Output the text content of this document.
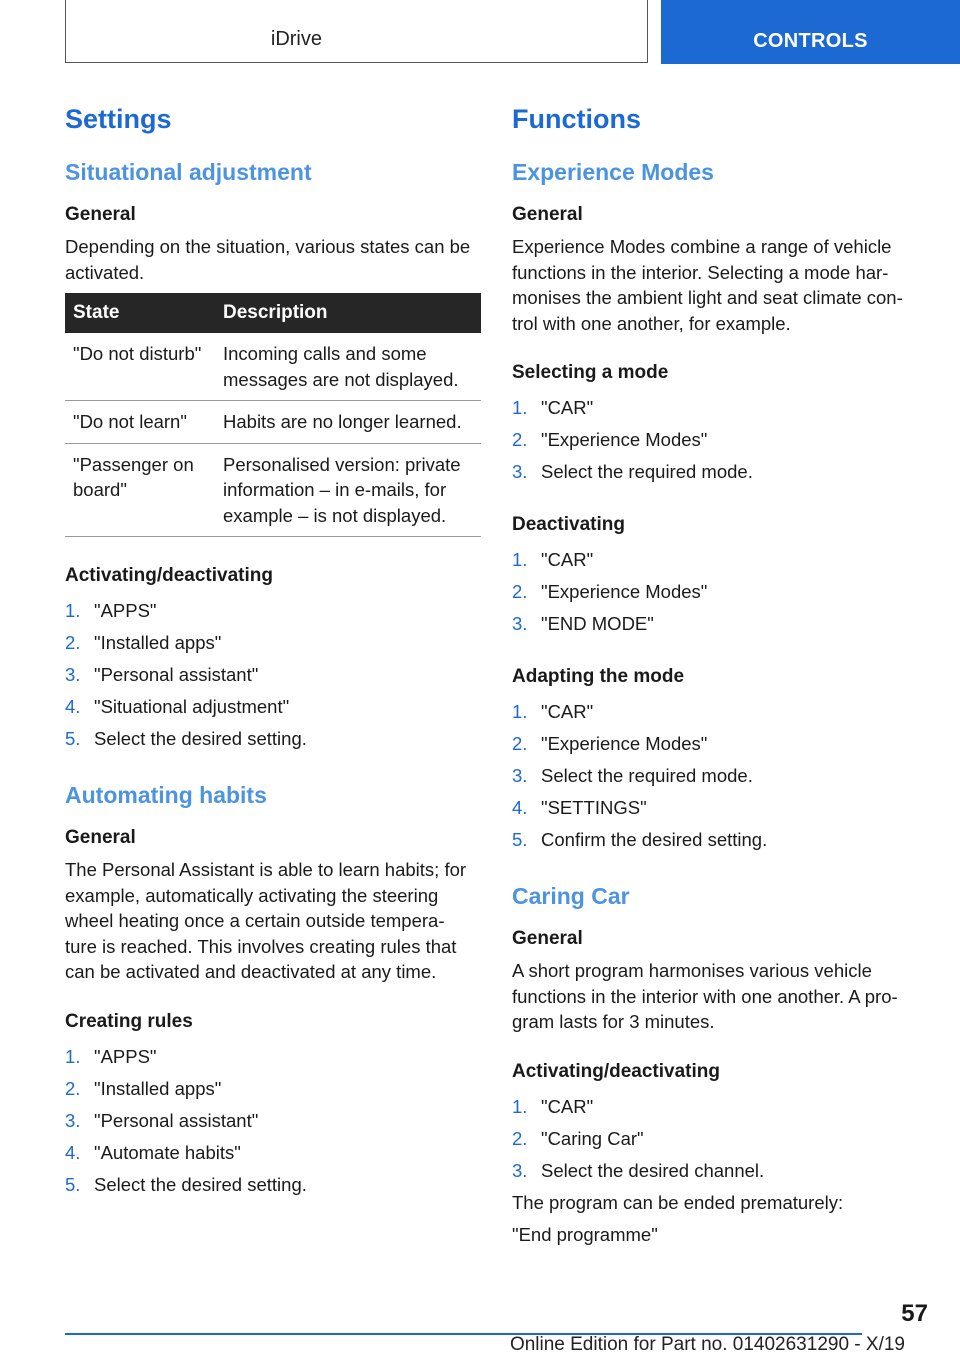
iDrive	CONTROLS
Settings
Situational adjustment
General

Depending on the situation, various states can be activated.

State	Description
"Do not disturb"	Incoming calls and some messages are not displayed.
"Do not learn"	Habits are no longer learned.
"Passenger on board"	Personalised version: private information – in e-mails, for example – is not displayed.
Activating/deactivating
1. "APPS"
2. "Installed apps"
3. "Personal assistant"
4. "Situational adjustment"
5. Select the desired setting.
Automating habits
General

The Personal Assistant is able to learn habits; for example, automatically activating the steering wheel heating once a certain outside tempera‐ ture is reached. This involves creating rules that can be activated and deactivated at any time.

Creating rules
1. "APPS"
2. "Installed apps"
3. "Personal assistant"
4. "Automate habits"
5. Select the desired setting.
Functions
Experience Modes
General

Experience Modes combine a range of vehicle functions in the interior. Selecting a mode har‐ monises the ambient light and seat climate con‐ trol with one another, for example.

Selecting a mode
1. "CAR"
2. "Experience Modes"
3. Select the required mode.
Deactivating
1. "CAR"
2. "Experience Modes"
3. "END MODE"
Adapting the mode
1. "CAR"
2. "Experience Modes"
3. Select the required mode.
4. "SETTINGS"
5. Confirm the desired setting.
Caring Car
General

A short program harmonises various vehicle functions in the interior with one another. A pro‐ gram lasts for 3 minutes.

Activating/deactivating
1. "CAR"
2. "Caring Car"
3. Select the desired channel.

The program can be ended prematurely:

"End programme"

57
Online Edition for Part no. 01402631290 - X/19
